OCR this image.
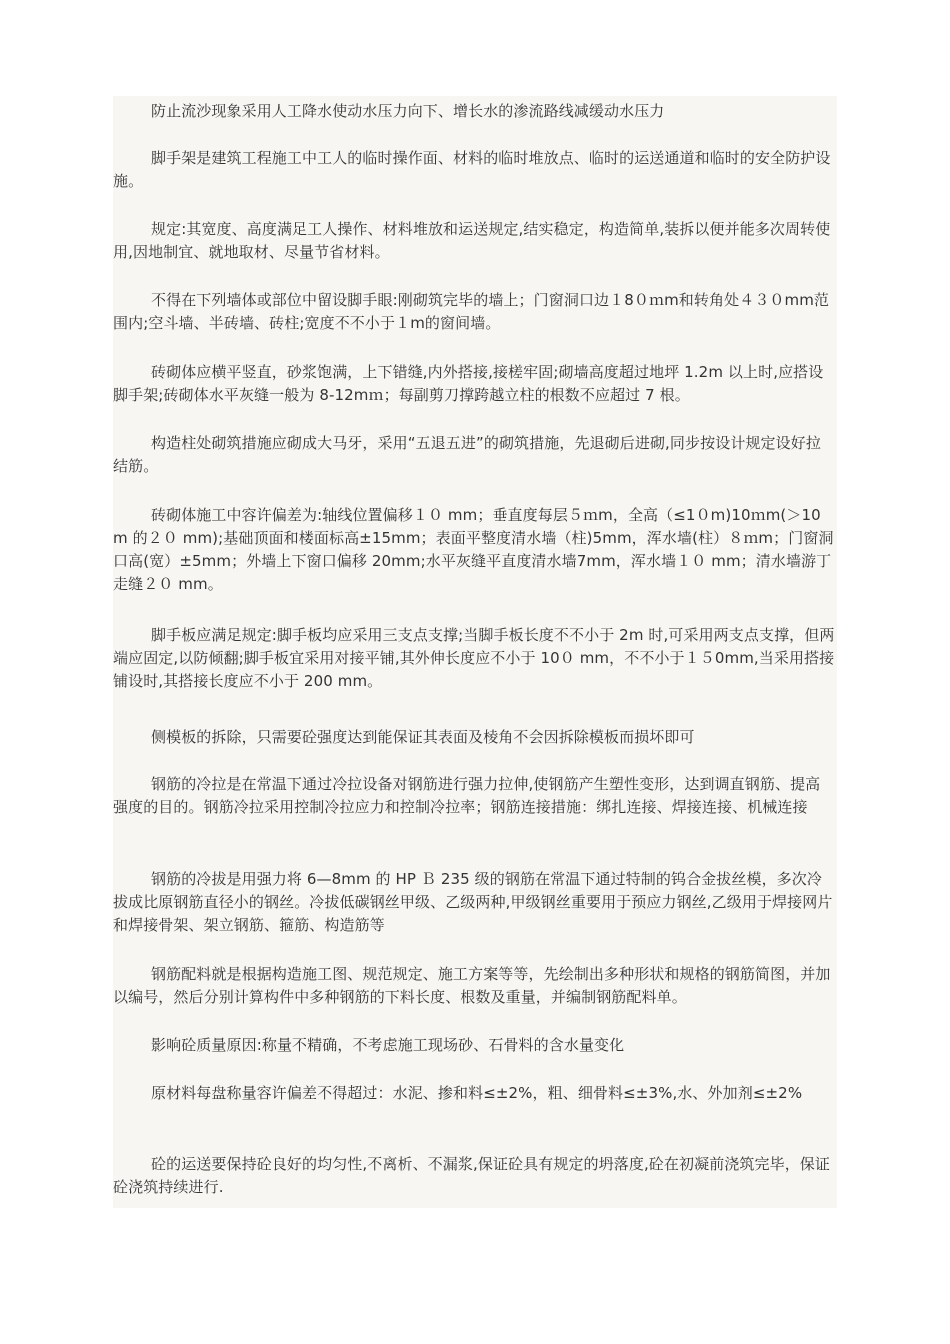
防止流沙现象采用人工降水使动水压力向下、增长水的渗流路线减缓动水压力

脚手架是建筑工程施工中工人的临时操作面、材料的临时堆放点、临时的运送通道和临时的安全防护设施。

规定:其宽度、高度满足工人操作、材料堆放和运送规定,结实稳定，构造简单,装拆以便并能多次周转使用,因地制宜、就地取材、尽量节省材料。

不得在下列墙体或部位中留设脚手眼:刚砌筑完毕的墙上；门窗洞口边１8０ｍm和转角处４３０mm范围内;空斗墙、半砖墙、砖柱;宽度不不小于１m的窗间墙。

砖砌体应横平竖直，砂浆饱满，上下错缝,内外搭接,接槎牢固;砌墙高度超过地坪 1.2m 以上时,应搭设脚手架;砖砌体水平灰缝一般为 8-12mｍ；每副剪刀撑跨越立柱的根数不应超过 7 根。

构造柱处砌筑措施应砌成大马牙，采用“五退五进”的砌筑措施，先退砌后进砌,同步按设计规定设好拉结筋。

砖砌体施工中容许偏差为:轴线位置偏移１０ mm；垂直度每层５ｍm，全高（≤1０m)10ｍm(＞10m 的２０ mm);基础顶面和楼面标高±15mm；表面平整度清水墙（柱)5mm，浑水墙(柱）８ｍm；门窗洞口高(宽）±5mm；外墙上下窗口偏移 20mm;水平灰缝平直度清水墙7mm，浑水墙１０ mm；清水墙游丁走缝２０ mm。

脚手板应满足规定:脚手板均应采用三支点支撑;当脚手板长度不不小于 2m 时,可采用两支点支撑，但两端应固定,以防倾翻;脚手板宜采用对接平铺,其外伸长度应不小于 10０ mm，不不小于１５0mm,当采用搭接铺设时,其搭接长度应不小于 200 mm。

侧模板的拆除，只需要砼强度达到能保证其表面及棱角不会因拆除模板而损坏即可

钢筋的冷拉是在常温下通过冷拉设备对钢筋进行强力拉伸,使钢筋产生塑性变形，达到调直钢筋、提高强度的目的。钢筋冷拉采用控制冷拉应力和控制冷拉率；钢筋连接措施：绑扎连接、焊接连接、机械连接

钢筋的冷拔是用强力将 6—8mm 的 HP Ｂ 235 级的钢筋在常温下通过特制的钨合金拔丝模，多次冷拔成比原钢筋直径小的钢丝。冷拔低碳钢丝甲级、乙级两种,甲级钢丝重要用于预应力钢丝,乙级用于焊接网片和焊接骨架、架立钢筋、箍筋、构造筋等

钢筋配料就是根据构造施工图、规范规定、施工方案等等，先绘制出多种形状和规格的钢筋简图，并加以编号，然后分别计算构件中多种钢筋的下料长度、根数及重量，并编制钢筋配料单。

影响砼质量原因:称量不精确，不考虑施工现场砂、石骨料的含水量变化

原材料每盘称量容许偏差不得超过：水泥、掺和料≤±2%，粗、细骨料≤±3%,水、外加剂≤±2%

砼的运送要保持砼良好的均匀性,不离析、不漏浆,保证砼具有规定的坍落度,砼在初凝前浇筑完毕，保证砼浇筑持续进行.
